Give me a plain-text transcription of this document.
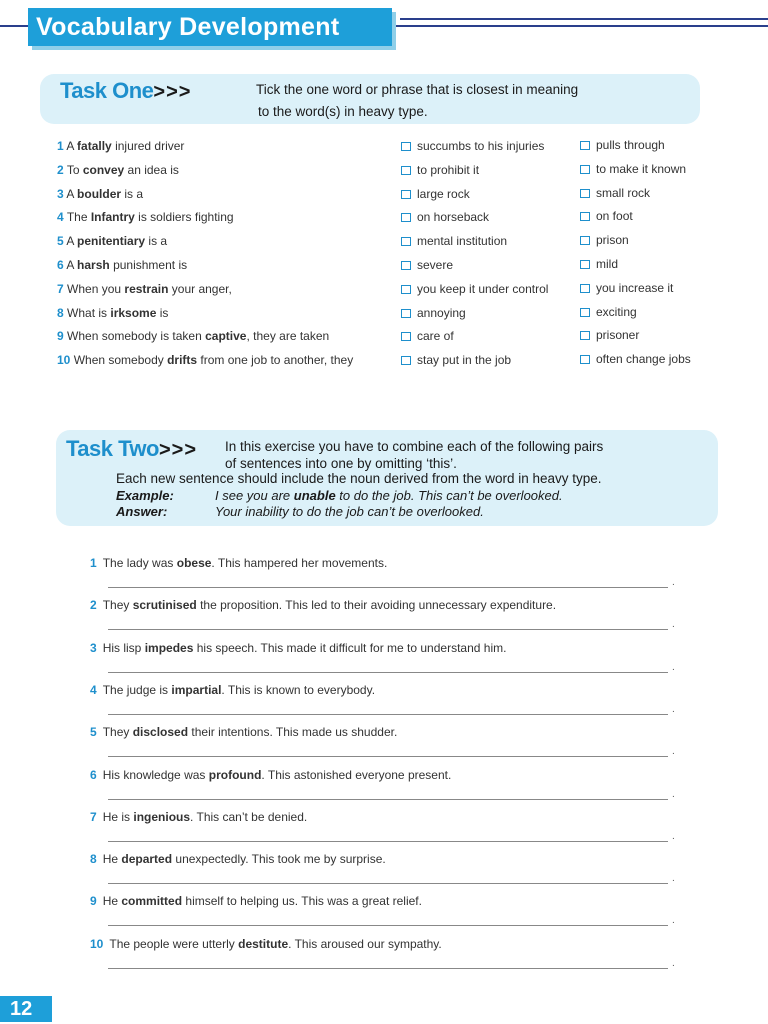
Vocabulary Development
Task One>>>	Tick the one word or phrase that is closest in meaning
to the word(s) in heavy type.
1 A fatally injured driver	succumbs to his injuries	pulls through
2 To convey an idea is	to prohibit it	to make it known
3 A boulder is a	large rock	small rock
4 The Infantry is soldiers fighting	on horseback	on foot
5 A penitentiary is a	mental institution	prison
6 A harsh punishment is	severe	mild
7 When you restrain your anger,	you keep it under control	you increase it
8 What is irksome is	annoying	exciting
9 When somebody is taken captive, they are taken	care of	prisoner
10 When somebody drifts from one job to another, they	stay put in the job	often change jobs
Task Two>>> In this exercise you have to combine each of the following pairs
of sentences into one by omitting ‘this’.
Each new sentence should include the noun derived from the word in heavy type.
Example:	I see you are unable to do the job. This can’t be overlooked.
Answer:	Your inability to do the job can’t be overlooked.
1 The lady was obese. This hampered her movements.
.
2 They scrutinised the proposition. This led to their avoiding unnecessary expenditure.
.
3 His lisp impedes his speech. This made it difficult for me to understand him.
.
4 The judge is impartial. This is known to everybody.
.
5 They disclosed their intentions. This made us shudder.
.
6 His knowledge was profound. This astonished everyone present.
.
7 He is ingenious. This can’t be denied.
.
8 He departed unexpectedly. This took me by surprise.
.
9 He committed himself to helping us. This was a great relief.
.
10 The people were utterly destitute. This aroused our sympathy.
.
12
